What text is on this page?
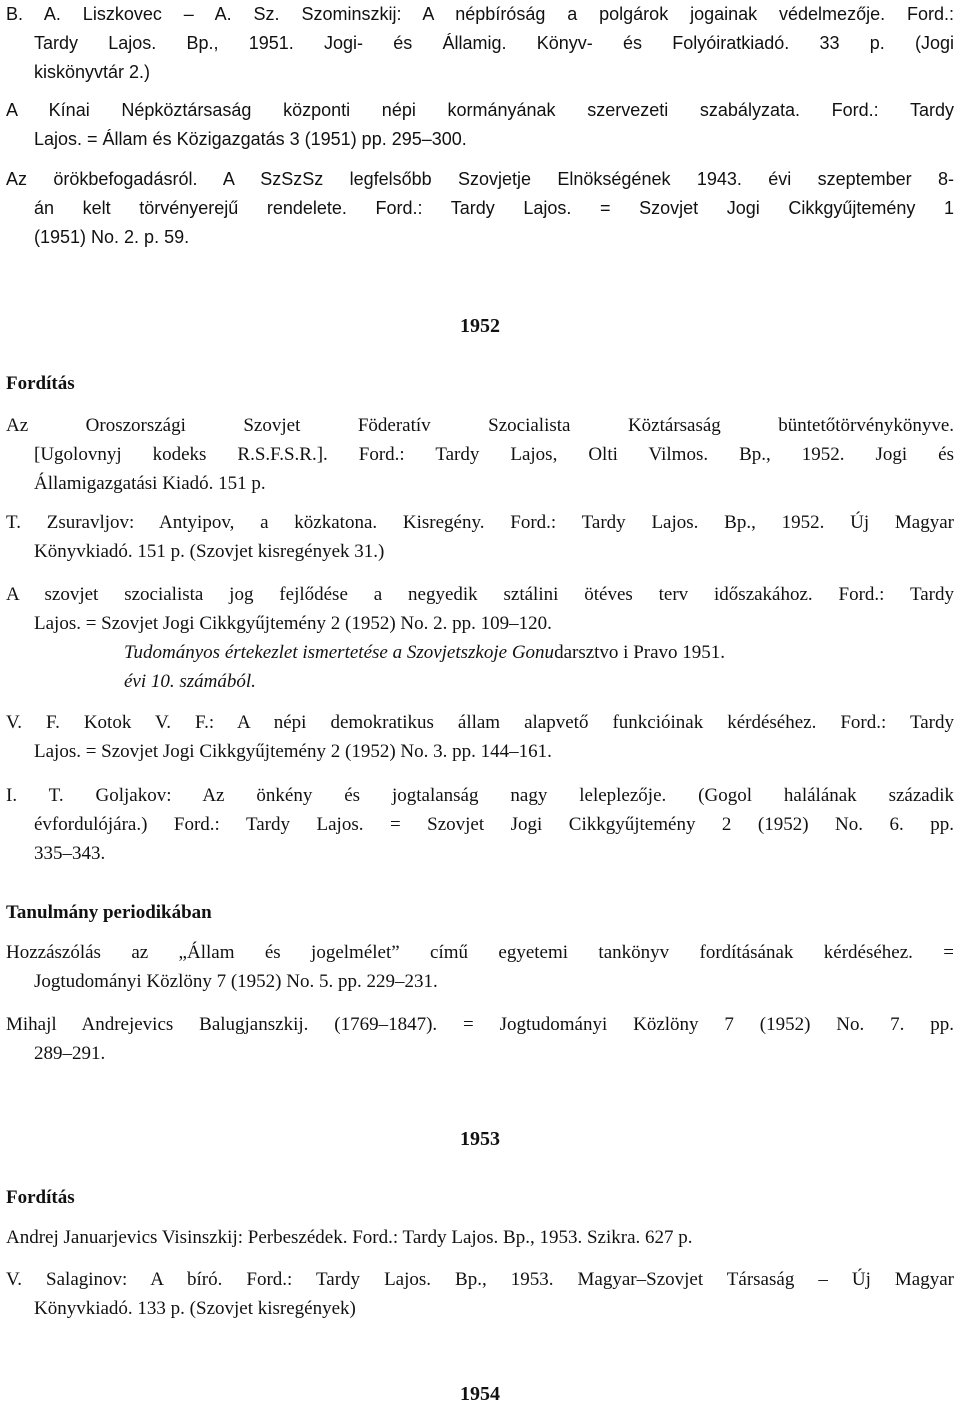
B. A. Liszkovec – A. Sz. Szominszkij: A népbíróság a polgárok jogainak védelmezője. Ford.:
Tardy Lajos. Bp., 1951. Jogi- és Államig. Könyv- és Folyóiratkiadó. 33 p. (Jogi
kiskönyvtár 2.)
A Kínai Népköztársaság központi népi kormányának szervezeti szabályzata. Ford.: Tardy
Lajos. = Állam és Közigazgatás 3 (1951) pp. 295–300.
Az örökbefogadásról. A SzSzSz legfelsőbb Szovjetje Elnökségének 1943. évi szeptember 8-
án kelt törvényerejű rendelete. Ford.: Tardy Lajos. = Szovjet Jogi Cikkgyűjtemény 1
(1951) No. 2. p. 59.
1952
Fordítás
Az Oroszországi Szovjet Föderatív Szocialista Köztársaság büntetőtörvénykönyve.
[Ugolovnyj kodeks R.S.F.S.R.]. Ford.: Tardy Lajos, Olti Vilmos. Bp., 1952. Jogi és
Államigazgatási Kiadó. 151 p.
T. Zsuravljov: Antyipov, a közkatona. Kisregény. Ford.: Tardy Lajos. Bp., 1952. Új Magyar
Könyvkiadó. 151 p. (Szovjet kisregények 31.)
A szovjet szocialista jog fejlődése a negyedik sztálini ötéves terv időszakához. Ford.: Tardy
Lajos. = Szovjet Jogi Cikkgyűjtemény 2 (1952) No. 2. pp. 109–120.
Tudományos értekezlet ismertetése a Szovjetszkoje Gonudarsztvo i Pravo 1951.
évi 10. számából.
V. F. Kotok V. F.: A népi demokratikus állam alapvető funkcióinak kérdéséhez. Ford.: Tardy
Lajos. = Szovjet Jogi Cikkgyűjtemény 2 (1952) No. 3. pp. 144–161.
I. T. Goljakov: Az önkény és jogtalanság nagy leleplezője. (Gogol halálának századik
évfordulójára.) Ford.: Tardy Lajos. = Szovjet Jogi Cikkgyűjtemény 2 (1952) No. 6. pp.
335–343.
Tanulmány periodikában
Hozzászólás az „Állam és jogelmélet” című egyetemi tankönyv fordításának kérdéséhez. =
Jogtudományi Közlöny 7 (1952) No. 5. pp. 229–231.
Mihajl Andrejevics Balugjanszkij. (1769–1847). = Jogtudományi Közlöny 7 (1952) No. 7. pp.
289–291.
1953
Fordítás
Andrej Januarjevics Visinszkij: Perbeszédek. Ford.: Tardy Lajos. Bp., 1953. Szikra. 627 p.
V. Salaginov: A bíró. Ford.: Tardy Lajos. Bp., 1953. Magyar–Szovjet Társaság – Új Magyar
Könyvkiadó. 133 p. (Szovjet kisregények)
1954
